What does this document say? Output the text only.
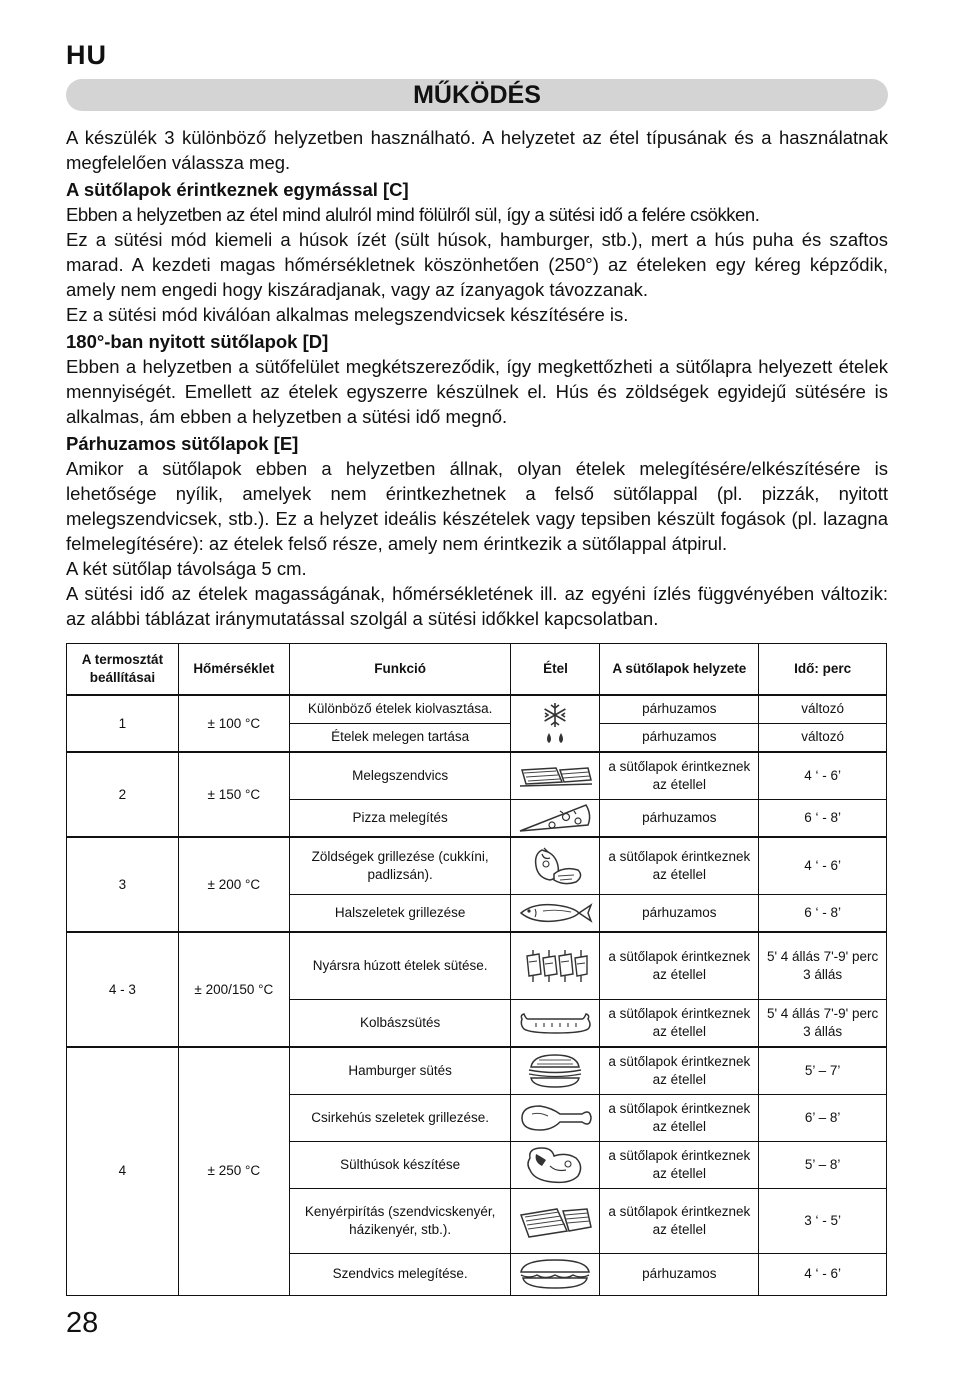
HU
MŰKÖDÉS

A készülék 3 különböző helyzetben használható. A helyzetet az étel típusának és a használatnak megfelelően válassza meg.

A sütőlapok érintkeznek egymással [C]

Ebben a helyzetben az étel mind alulról mind fölülről sül, így a sütési idő a felére csökken.

Ez a sütési mód kiemeli a húsok ízét (sült húsok, hamburger, stb.), mert a hús puha és szaftos marad. A kezdeti magas hőmérsékletnek köszönhetően (250°) az ételeken egy kéreg képződik, amely nem engedi hogy kiszáradjanak, vagy az ízanyagok távozzanak.

Ez a sütési mód kiválóan alkalmas melegszendvicsek készítésére is.

180°-ban nyitott sütőlapok [D]

Ebben a helyzetben a sütőfelület megkétszereződik, így megkettőzheti a sütőlapra helyezett ételek mennyiségét. Emellett az ételek egyszerre készülnek el. Hús és zöldségek egyidejű sütésére is alkalmas, ám ebben a helyzetben a sütési idő megnő.

Párhuzamos sütőlapok [E]

Amikor a sütőlapok ebben a helyzetben állnak, olyan ételek melegítésére/elkészítésére is lehetősége nyílik, amelyek nem érintkezhetnek a felső sütőlappal (pl. pizzák, nyitott melegszendvicsek, stb.). Ez a helyzet ideális készételek vagy tepsiben készült fogások (pl. lazagna felmelegítésére): az ételek felső része, amely nem érintkezik a sütőlappal átpirul.

A két sütőlap távolsága 5 cm.

A sütési idő az ételek magasságának, hőmérsékletének ill. az egyéni ízlés függvényében változik: az alábbi táblázat iránymutatással szolgál a sütési időkkel kapcsolatban.

A termosztát beállításai	Hőmérséklet	Funkció	Étel	A sütőlapok helyzete	Idő: perc
1	± 100 °C	Különböző ételek kiolvasztása.		párhuzamos	változó
		Ételek melegen tartása		párhuzamos	változó
2	± 150 °C	Melegszendvics		a sütőlapok érintkeznek az étellel	4 ‘ - 6’
		Pizza melegítés		párhuzamos	6 ‘ - 8’
3	± 200 °C	Zöldségek grillezése (cukkíni, padlizsán).		a sütőlapok érintkeznek az étellel	4 ‘ - 6’
		Halszeletek grillezése		párhuzamos	6 ‘ - 8’
4 - 3	± 200/150 °C	Nyársra húzott ételek sütése.		a sütőlapok érintkeznek az étellel	5' 4 állás 7'-9' perc 3 állás
		Kolbászsütés		a sütőlapok érintkeznek az étellel	5' 4 állás 7'-9' perc 3 állás
4	± 250 °C	Hamburger sütés		a sütőlapok érintkeznek az étellel	5’ – 7’
		Csirkehús szeletek grillezése.		a sütőlapok érintkeznek az étellel	6’ – 8’
		Sülthúsok készítése		a sütőlapok érintkeznek az étellel	5’ – 8’
		Kenyérpirítás (szendvicskenyér, házikenyér, stb.).		a sütőlapok érintkeznek az étellel	3 ‘ - 5’
		Szendvics melegítése.		párhuzamos	4 ‘ - 6’
28
